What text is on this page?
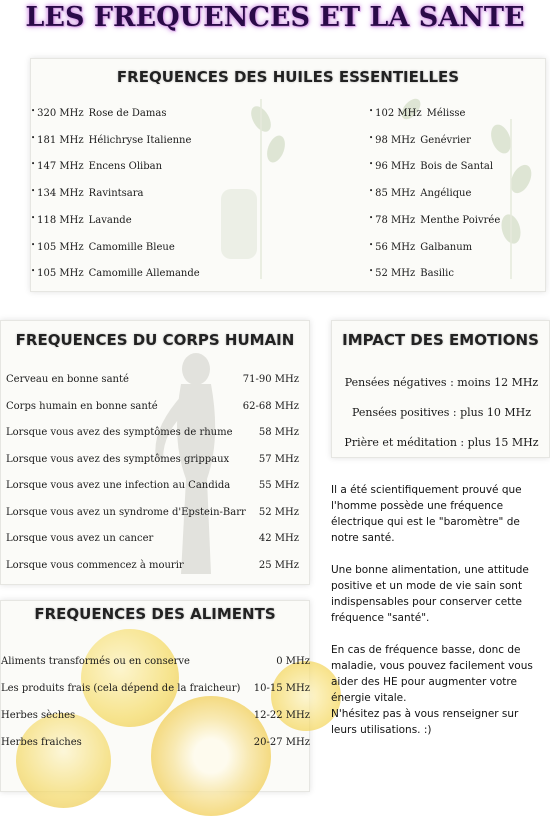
LES FREQUENCES ET LA SANTE
FREQUENCES DES HUILES ESSENTIELLES
• 320 MHz Rose de Damas
• 181 MHz Hélichryse Italienne
• 147 MHz Encens Oliban
• 134 MHz Ravintsara
• 118 MHz Lavande
• 105 MHz Camomille Bleue
• 105 MHz Camomille Allemande
• 102 MHz Mélisse
• 98 MHz Genévrier
• 96 MHz Bois de Santal
• 85 MHz Angélique
• 78 MHz Menthe Poivrée
• 56 MHz Galbanum
• 52 MHz Basilic
FREQUENCES DU CORPS HUMAIN
Cerveau en bonne santé	71-90 MHz
Corps humain en bonne santé	62-68 MHz
Lorsque vous avez des symptômes de rhume	58 MHz
Lorsque vous avez des symptômes grippaux	57 MHz
Lorsque vous avez une infection au Candida	55 MHz
Lorsque vous avez un syndrome d'Epstein-Barr 52 MHz
Lorsque vous avez un cancer	42 MHz
Lorsque vous commencez à mourir	25 MHz
IMPACT DES EMOTIONS
Pensées négatives : moins 12 MHz
Pensées positives : plus 10 MHz
Prière et méditation : plus 15 MHz
FREQUENCES DES ALIMENTS
Aliments transformés ou en conserve	0 MHz
Les produits frais (cela dépend de la fraicheur) 10-15 MHz
Herbes sèches	12-22 MHz
Herbes fraiches	20-27 MHz

Il a été scientifiquement prouvé que l'homme possède une fréquence électrique qui est le "baromètre" de notre santé.

Une bonne alimentation, une attitude positive et un mode de vie sain sont indispensables pour conserver cette fréquence "santé".

En cas de fréquence basse, donc de maladie, vous pouvez facilement vous aider des HE pour augmenter votre énergie vitale.

N'hésitez pas à vous renseigner sur leurs utilisations. :)
